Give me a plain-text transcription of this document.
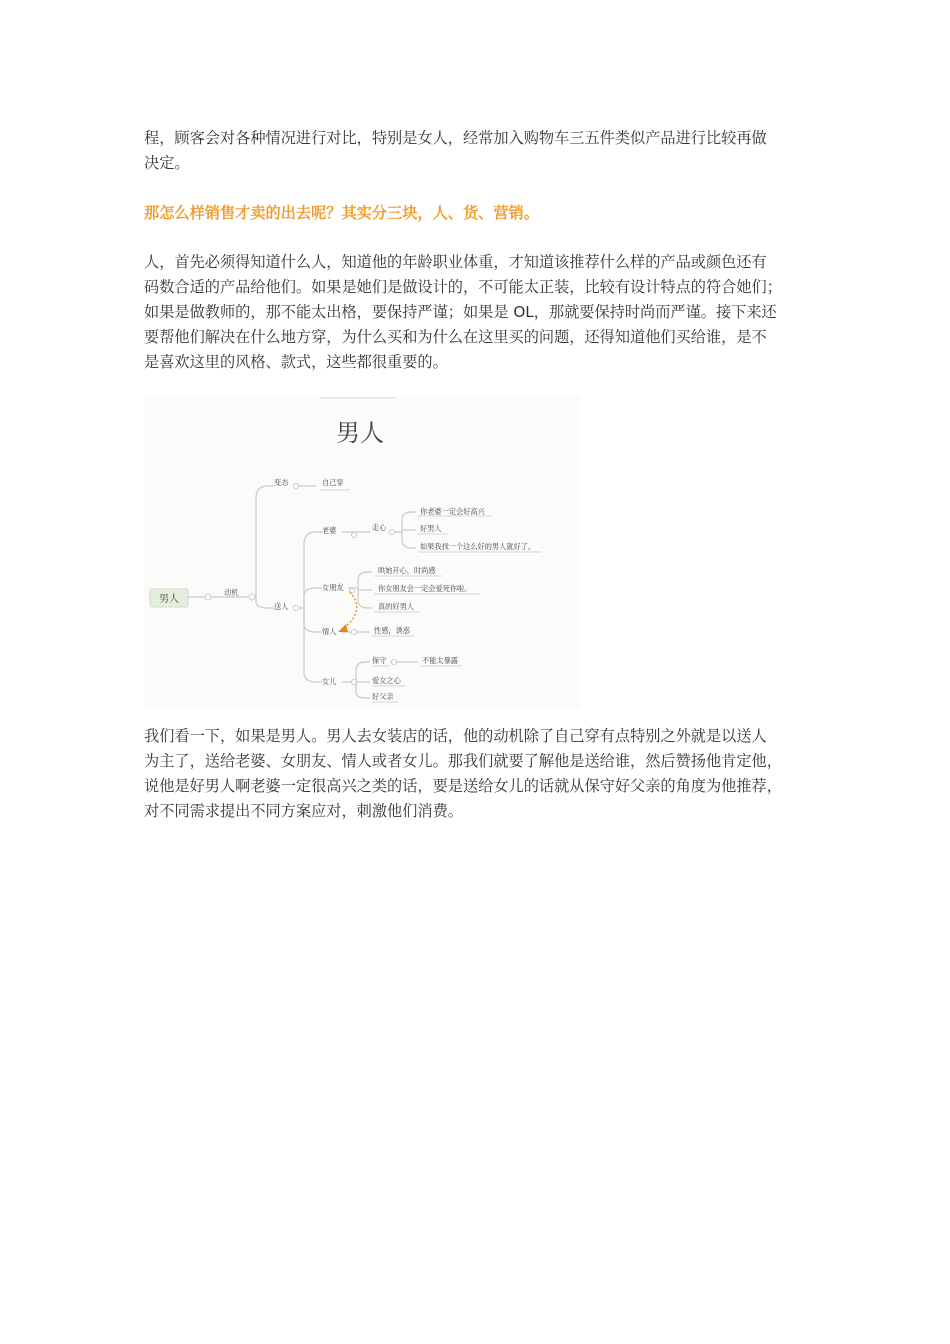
程，顾客会对各种情况进行对比，特别是女人，经常加入购物车三五件类似产品进行比较再做
决定。

那怎么样销售才卖的出去呢？其实分三块，人、货、营销。

人，首先必须得知道什么人，知道他的年龄职业体重，才知道该推荐什么样的产品或颜色还有
码数合适的产品给他们。如果是她们是做设计的，不可能太正装，比较有设计特点的符合她们；
如果是做教师的，那不能太出格，要保持严谨；如果是 OL，那就要保持时尚而严谨。接下来还
要帮他们解决在什么地方穿，为什么买和为什么在这里买的问题，还得知道他们买给谁，是不
是喜欢这里的风格、款式，这些都很重要的。

男人
男人
动机
变态	自己穿
送人
老婆	走心
你老婆一定会好高兴
好男人
如果我找一个这么好的男人就好了。
女朋友
哄她开心，时尚感
你女朋友会一定会爱死你啦。
真的好男人
情人	性感，诱惑
女儿
保守	不能太暴露
爱女之心
好父亲

我们看一下，如果是男人。男人去女装店的话，他的动机除了自己穿有点特别之外就是以送人
为主了，送给老婆、女朋友、情人或者女儿。那我们就要了解他是送给谁，然后赞扬他肯定他，
说他是好男人啊老婆一定很高兴之类的话，要是送给女儿的话就从保守好父亲的角度为他推荐，
对不同需求提出不同方案应对，刺激他们消费。
